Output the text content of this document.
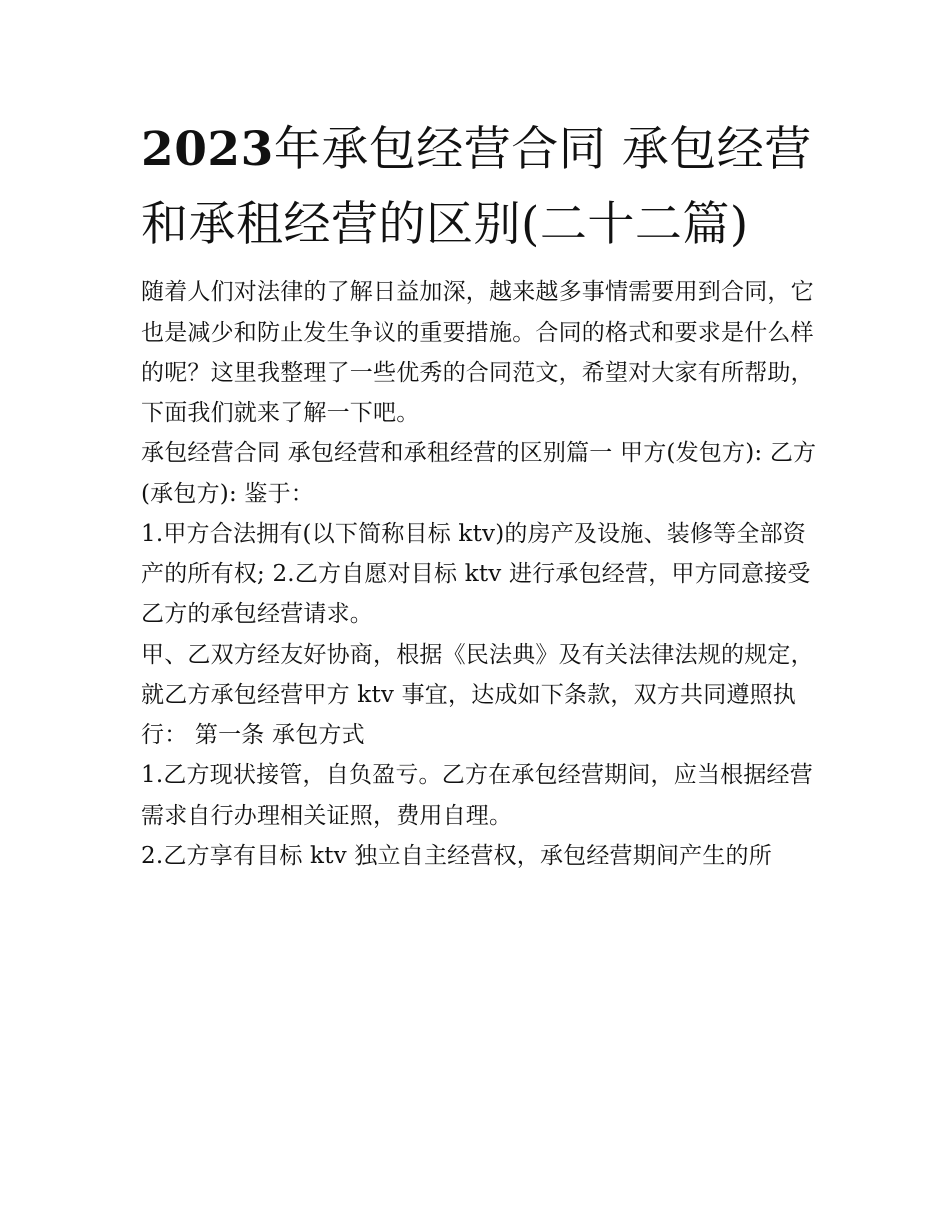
2023年承包经营合同 承包经营和承租经营的区别(二十二篇)

随着人们对法律的了解日益加深，越来越多事情需要用到合同，它也是减少和防止发生争议的重要措施。合同的格式和要求是什么样的呢？这里我整理了一些优秀的合同范文，希望对大家有所帮助，下面我们就来了解一下吧。

承包经营合同 承包经营和承租经营的区别篇一 甲方(发包方): 乙方(承包方): 鉴于：

1.甲方合法拥有(以下简称目标 ktv)的房产及设施、装修等全部资产的所有权; 2.乙方自愿对目标 ktv 进行承包经营，甲方同意接受乙方的承包经营请求。

甲、乙双方经友好协商，根据《民法典》及有关法律法规的规定，就乙方承包经营甲方 ktv 事宜，达成如下条款，双方共同遵照执行： 第一条 承包方式

1.乙方现状接管，自负盈亏。乙方在承包经营期间，应当根据经营需求自行办理相关证照，费用自理。

2.乙方享有目标 ktv 独立自主经营权，承包经营期间产生的所
